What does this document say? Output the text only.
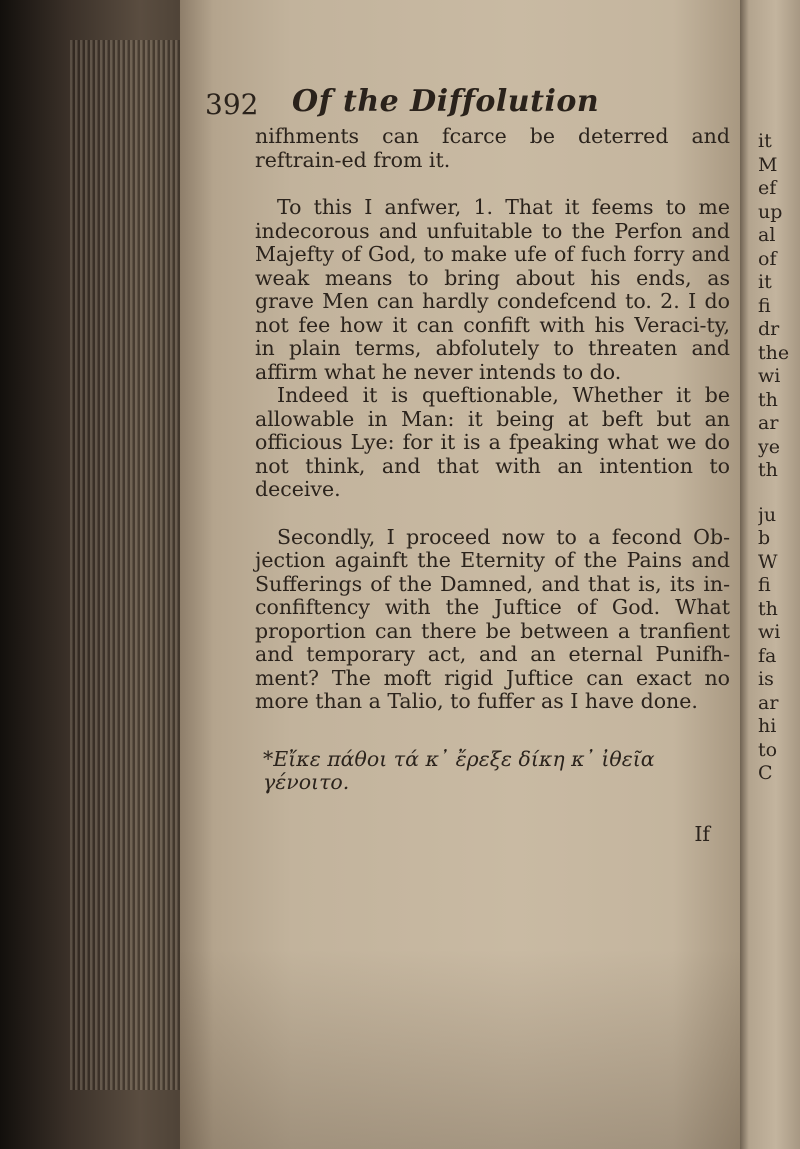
392 Of the Diffolution

nifhments can fcarce be deterred and reftrain-ed from it.

To this I anfwer, 1. That it feems to me indecorous and unfuitable to the Perfon and Majefty of God, to make ufe of fuch forry and weak means to bring about his ends, as grave Men can hardly condefcend to. 2. I do not fee how it can confift with his Veraci-ty, in plain terms, abfolutely to threaten and affirm what he never intends to do.

Indeed it is queftionable, Whether it be allowable in Man: it being at beft but an officious Lye: for it is a fpeaking what we do not think, and that with an intention to deceive.

Secondly, I proceed now to a fecond Ob-jection againft the Eternity of the Pains and Sufferings of the Damned, and that is, its in-confiftency with the Juftice of God. What proportion can there be between a tranfient and temporary act, and an eternal Punifh-ment? The moft rigid Juftice can exact no more than a Talio, to fuffer as I have done.

*Εἴκε πάθοι τά κ᾽ ἔρεξε δίκη κ᾽ ἰθεῖα γένοιτο.

If

it
M
ef
up
al
of
it
fi
dr
the
wi
th
ar
ye
th
ju
b
W
fi
th
wi
fa
is
ar
hi
to
C
